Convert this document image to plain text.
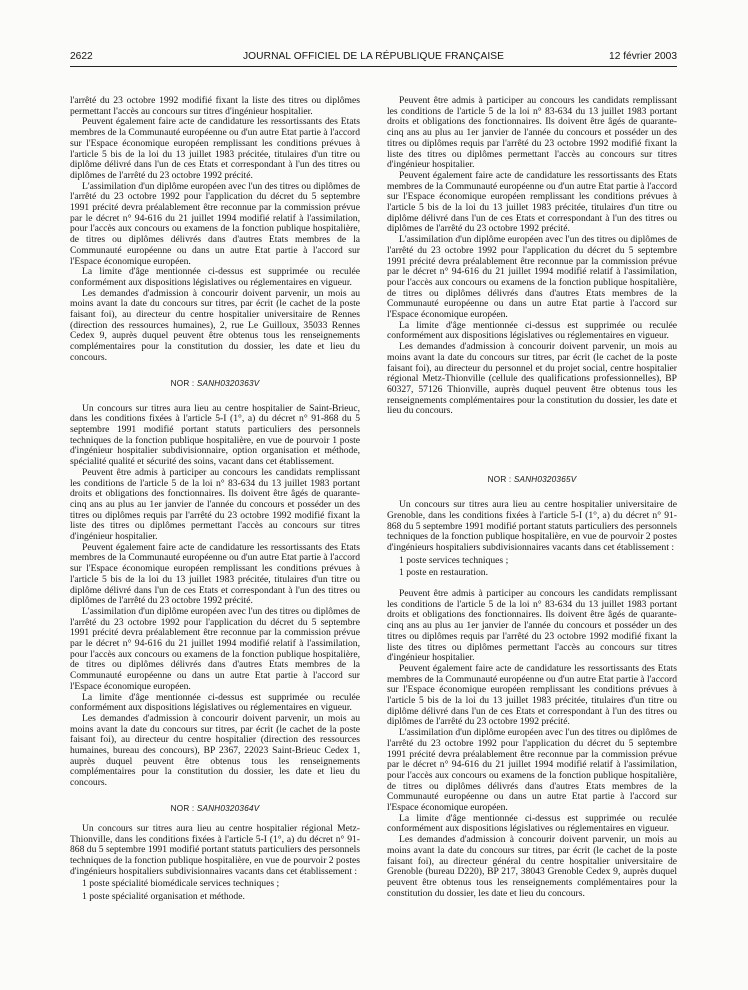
2622	JOURNAL OFFICIEL DE LA RÉPUBLIQUE FRANÇAISE	12 février 2003

l'arrêté du 23 octobre 1992 modifié fixant la liste des titres ou diplômes permettant l'accès au concours sur titres d'ingénieur hospitalier.

Peuvent également faire acte de candidature les ressortissants des Etats membres de la Communauté européenne ou d'un autre Etat partie à l'accord sur l'Espace économique européen remplissant les conditions prévues à l'article 5 bis de la loi du 13 juillet 1983 précitée, titulaires d'un titre ou diplôme délivré dans l'un de ces Etats et correspondant à l'un des titres ou diplômes de l'arrêté du 23 octobre 1992 précité.

L'assimilation d'un diplôme européen avec l'un des titres ou diplômes de l'arrêté du 23 octobre 1992 pour l'application du décret du 5 septembre 1991 précité devra préalablement être reconnue par la commission prévue par le décret n° 94-616 du 21 juillet 1994 modifié relatif à l'assimilation, pour l'accès aux concours ou examens de la fonction publique hospitalière, de titres ou diplômes délivrés dans d'autres Etats membres de la Communauté européenne ou dans un autre Etat partie à l'accord sur l'Espace économique européen.

La limite d'âge mentionnée ci-dessus est supprimée ou reculée conformément aux dispositions législatives ou réglementaires en vigueur.

Les demandes d'admission à concourir doivent parvenir, un mois au moins avant la date du concours sur titres, par écrit (le cachet de la poste faisant foi), au directeur du centre hospitalier universitaire de Rennes (direction des ressources humaines), 2, rue Le Guilloux, 35033 Rennes Cedex 9, auprès duquel peuvent être obtenus tous les renseignements complémentaires pour la constitution du dossier, les date et lieu du concours.

NOR : SANH0320363V

Un concours sur titres aura lieu au centre hospitalier de Saint-Brieuc, dans les conditions fixées à l'article 5-I (1°, a) du décret n° 91-868 du 5 septembre 1991 modifié portant statuts particuliers des personnels techniques de la fonction publique hospitalière, en vue de pourvoir 1 poste d'ingénieur hospitalier subdivisionnaire, option organisation et méthode, spécialité qualité et sécurité des soins, vacant dans cet établissement.

Peuvent être admis à participer au concours les candidats remplissant les conditions de l'article 5 de la loi n° 83-634 du 13 juillet 1983 portant droits et obligations des fonctionnaires. Ils doivent être âgés de quarante-cinq ans au plus au 1er janvier de l'année du concours et posséder un des titres ou diplômes requis par l'arrêté du 23 octobre 1992 modifié fixant la liste des titres ou diplômes permettant l'accès au concours sur titres d'ingénieur hospitalier.

Peuvent également faire acte de candidature les ressortissants des Etats membres de la Communauté européenne ou d'un autre Etat partie à l'accord sur l'Espace économique européen remplissant les conditions prévues à l'article 5 bis de la loi du 13 juillet 1983 précitée, titulaires d'un titre ou diplôme délivré dans l'un de ces Etats et correspondant à l'un des titres ou diplômes de l'arrêté du 23 octobre 1992 précité.

L'assimilation d'un diplôme européen avec l'un des titres ou diplômes de l'arrêté du 23 octobre 1992 pour l'application du décret du 5 septembre 1991 précité devra préalablement être reconnue par la commission prévue par le décret n° 94-616 du 21 juillet 1994 modifié relatif à l'assimilation, pour l'accès aux concours ou examens de la fonction publique hospitalière, de titres ou diplômes délivrés dans d'autres Etats membres de la Communauté européenne ou dans un autre Etat partie à l'accord sur l'Espace économique européen.

La limite d'âge mentionnée ci-dessus est supprimée ou reculée conformément aux dispositions législatives ou réglementaires en vigueur.

Les demandes d'admission à concourir doivent parvenir, un mois au moins avant la date du concours sur titres, par écrit (le cachet de la poste faisant foi), au directeur du centre hospitalier (direction des ressources humaines, bureau des concours), BP 2367, 22023 Saint-Brieuc Cedex 1, auprès duquel peuvent être obtenus tous les renseignements complémentaires pour la constitution du dossier, les date et lieu du concours.

NOR : SANH0320364V

Un concours sur titres aura lieu au centre hospitalier régional Metz-Thionville, dans les conditions fixées à l'article 5-I (1°, a) du décret n° 91-868 du 5 septembre 1991 modifié portant statuts particuliers des personnels techniques de la fonction publique hospitalière, en vue de pourvoir 2 postes d'ingénieurs hospitaliers subdivisionnaires vacants dans cet établissement :

1 poste spécialité biomédicale services techniques ;

1 poste spécialité organisation et méthode.

Peuvent être admis à participer au concours les candidats remplissant les conditions de l'article 5 de la loi n° 83-634 du 13 juillet 1983 portant droits et obligations des fonctionnaires. Ils doivent être âgés de quarante-cinq ans au plus au 1er janvier de l'année du concours et posséder un des titres ou diplômes requis par l'arrêté du 23 octobre 1992 modifié fixant la liste des titres ou diplômes permettant l'accès au concours sur titres d'ingénieur hospitalier.

Peuvent également faire acte de candidature les ressortissants des Etats membres de la Communauté européenne ou d'un autre Etat partie à l'accord sur l'Espace économique européen remplissant les conditions prévues à l'article 5 bis de la loi du 13 juillet 1983 précitée, titulaires d'un titre ou diplôme délivré dans l'un de ces Etats et correspondant à l'un des titres ou diplômes de l'arrêté du 23 octobre 1992 précité.

L'assimilation d'un diplôme européen avec l'un des titres ou diplômes de l'arrêté du 23 octobre 1992 pour l'application du décret du 5 septembre 1991 précité devra préalablement être reconnue par la commission prévue par le décret n° 94-616 du 21 juillet 1994 modifié relatif à l'assimilation, pour l'accès aux concours ou examens de la fonction publique hospitalière, de titres ou diplômes délivrés dans d'autres Etats membres de la Communauté européenne ou dans un autre Etat partie à l'accord sur l'Espace économique européen.

La limite d'âge mentionnée ci-dessus est supprimée ou reculée conformément aux dispositions législatives ou réglementaires en vigueur.

Les demandes d'admission à concourir doivent parvenir, un mois au moins avant la date du concours sur titres, par écrit (le cachet de la poste faisant foi), au directeur du personnel et du projet social, centre hospitalier régional Metz-Thionville (cellule des qualifications professionnelles), BP 60327, 57126 Thionville, auprès duquel peuvent être obtenus tous les renseignements complémentaires pour la constitution du dossier, les date et lieu du concours.

NOR : SANH0320365V

Un concours sur titres aura lieu au centre hospitalier universitaire de Grenoble, dans les conditions fixées à l'article 5-I (1°, a) du décret n° 91-868 du 5 septembre 1991 modifié portant statuts particuliers des personnels techniques de la fonction publique hospitalière, en vue de pourvoir 2 postes d'ingénieurs hospitaliers subdivisionnaires vacants dans cet établissement :

1 poste services techniques ;

1 poste en restauration.

Peuvent être admis à participer au concours les candidats remplissant les conditions de l'article 5 de la loi n° 83-634 du 13 juillet 1983 portant droits et obligations des fonctionnaires. Ils doivent être âgés de quarante-cinq ans au plus au 1er janvier de l'année du concours et posséder un des titres ou diplômes requis par l'arrêté du 23 octobre 1992 modifié fixant la liste des titres ou diplômes permettant l'accès au concours sur titres d'ingénieur hospitalier.

Peuvent également faire acte de candidature les ressortissants des Etats membres de la Communauté européenne ou d'un autre Etat partie à l'accord sur l'Espace économique européen remplissant les conditions prévues à l'article 5 bis de la loi du 13 juillet 1983 précitée, titulaires d'un titre ou diplôme délivré dans l'un de ces Etats et correspondant à l'un des titres ou diplômes de l'arrêté du 23 octobre 1992 précité.

L'assimilation d'un diplôme européen avec l'un des titres ou diplômes de l'arrêté du 23 octobre 1992 pour l'application du décret du 5 septembre 1991 précité devra préalablement être reconnue par la commission prévue par le décret n° 94-616 du 21 juillet 1994 modifié relatif à l'assimilation, pour l'accès aux concours ou examens de la fonction publique hospitalière, de titres ou diplômes délivrés dans d'autres Etats membres de la Communauté européenne ou dans un autre Etat partie à l'accord sur l'Espace économique européen.

La limite d'âge mentionnée ci-dessus est supprimée ou reculée conformément aux dispositions législatives ou réglementaires en vigueur.

Les demandes d'admission à concourir doivent parvenir, un mois au moins avant la date du concours sur titres, par écrit (le cachet de la poste faisant foi), au directeur général du centre hospitalier universitaire de Grenoble (bureau D220), BP 217, 38043 Grenoble Cedex 9, auprès duquel peuvent être obtenus tous les renseignements complémentaires pour la constitution du dossier, les date et lieu du concours.
